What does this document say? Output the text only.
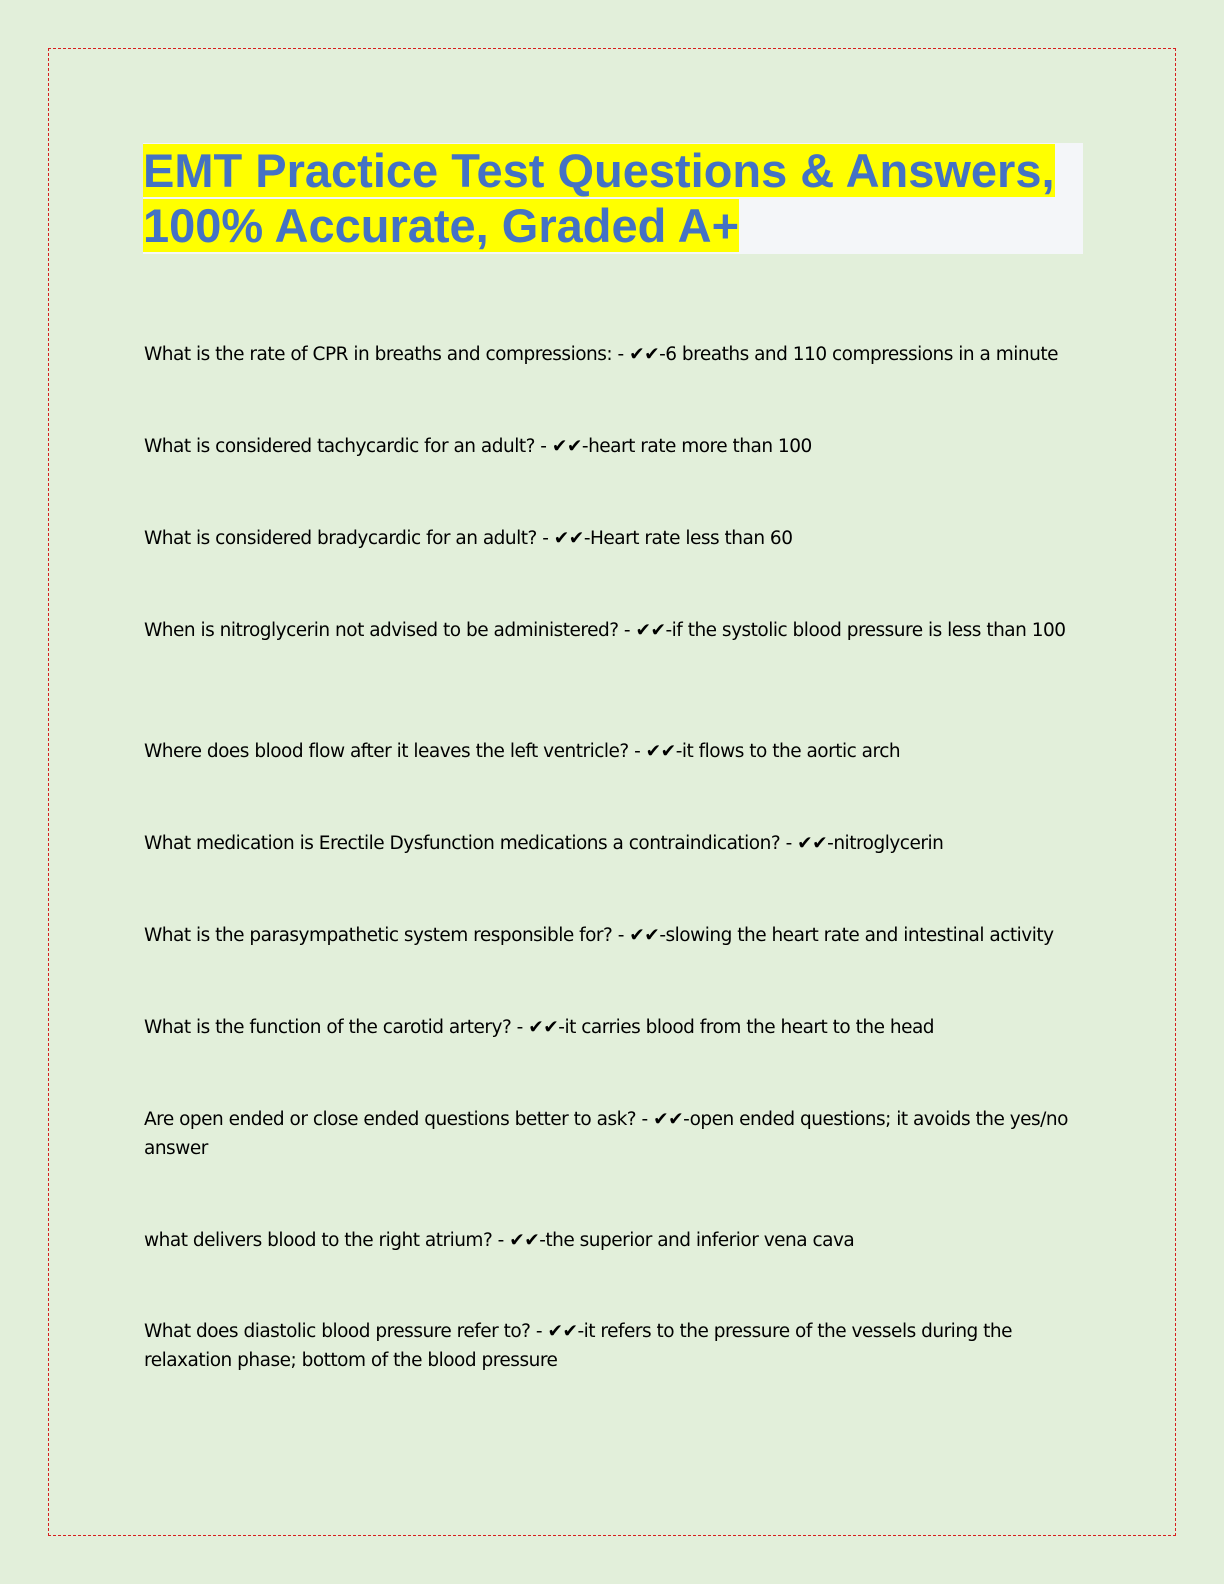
EMT Practice Test Questions & Answers,
100% Accurate, Graded A+
What is the rate of CPR in breaths and compressions: - ✔✔-6 breaths and 110 compressions in a minute
What is considered tachycardic for an adult? - ✔✔-heart rate more than 100
What is considered bradycardic for an adult? - ✔✔-Heart rate less than 60
When is nitroglycerin not advised to be administered? - ✔✔-if the systolic blood pressure is less than 100
Where does blood flow after it leaves the left ventricle? - ✔✔-it flows to the aortic arch
What medication is Erectile Dysfunction medications a contraindication? - ✔✔-nitroglycerin
What is the parasympathetic system responsible for? - ✔✔-slowing the heart rate and intestinal activity
What is the function of the carotid artery? - ✔✔-it carries blood from the heart to the head
Are open ended or close ended questions better to ask? - ✔✔-open ended questions; it avoids the yes/no answer
what delivers blood to the right atrium? - ✔✔-the superior and inferior vena cava
What does diastolic blood pressure refer to? - ✔✔-it refers to the pressure of the vessels during the relaxation phase; bottom of the blood pressure
